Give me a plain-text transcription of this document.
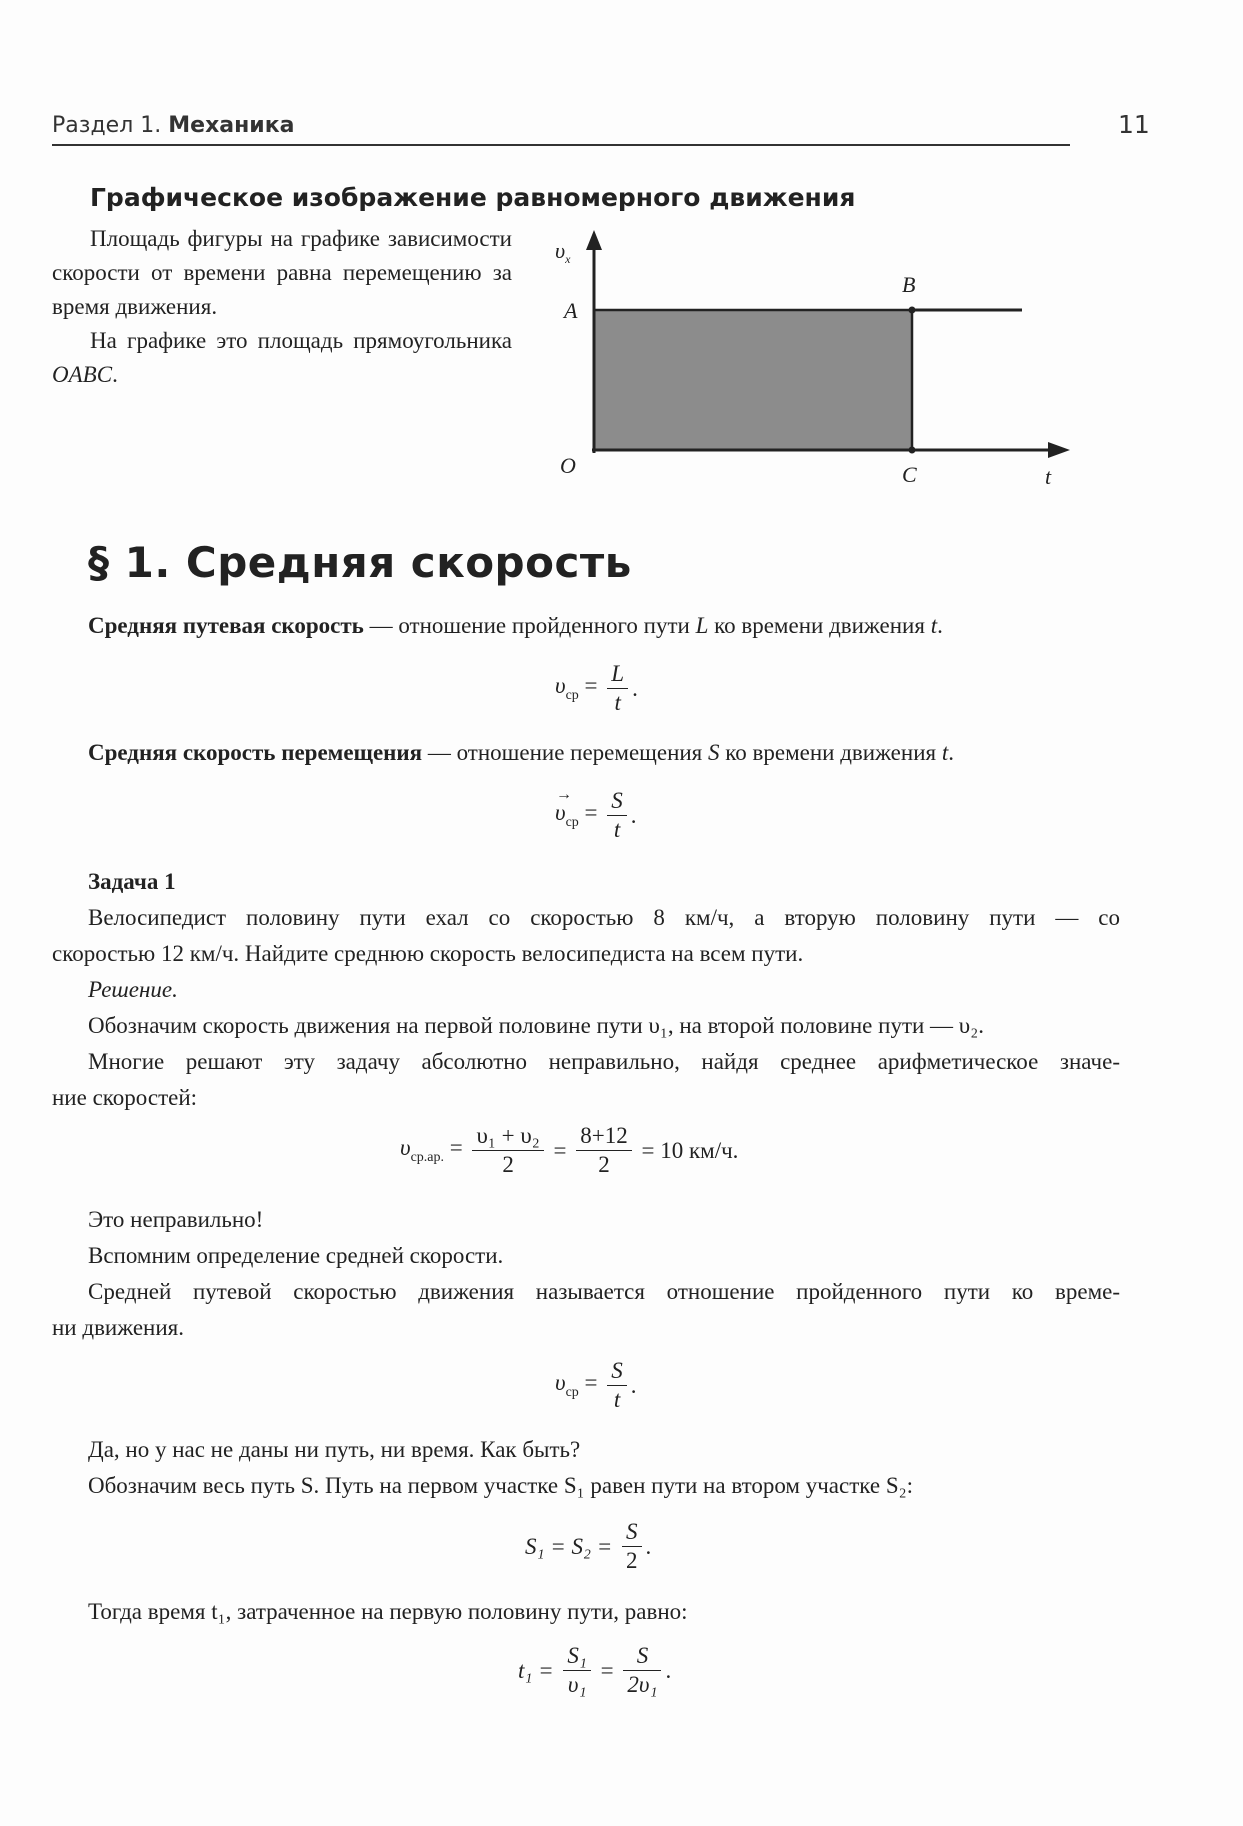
Раздел 1. Механика	11
Графическое изображение равномерного движения

Площадь фигуры на графике зависимости скорости от времени равна перемещению за время движения.

На графике это площадь прямоугольника OABC.

$\upsilon_x$
A
B
O	C	t
§ 1. Средняя скорость
Средняя путевая скорость — отношение пройденного пути L ко времени движения t.
$\upsilon_{ср} = \frac{L}{t}$ .
Средняя скорость перемещения — отношение перемещения S ко времени движения t.
→
$\upsilon_{ср} = \frac{S}{t}$ .
Задача 1
Велосипедист половину пути ехал со скоростью 8 км/ч, а вторую половину пути — со
скоростью 12 км/ч. Найдите среднюю скорость велосипедиста на всем пути.
Решение.
Обозначим скорость движения на первой половине пути υ₁, на второй половине пути — υ₂.
Многие решают эту задачу абсолютно неправильно, найдя среднее арифметическое значе-
ние скоростей:
$\upsilon_{ср.ар.} = \frac{\text{υ₁ + υ₂}}{2} = \frac{8+12}{2} = 10$ км/ч.
Это неправильно!
Вспомним определение средней скорости.
Средней путевой скоростью движения называется отношение пройденного пути ко време-
ни движения.
$\upsilon_{ср} = \frac{S}{t}$ .
Да, но у нас не даны ни путь, ни время. Как быть?
Обозначим весь путь S. Путь на первом участке S₁ равен пути на втором участке S₂:
$S_1 = S_2 = \frac{S}{2}$ .
Тогда время t₁, затраченное на первую половину пути, равно:
$t_1 = \frac{\text{S₁}}{\text{υ₁}} = \frac{S}{\text{2υ₁}}$ .
